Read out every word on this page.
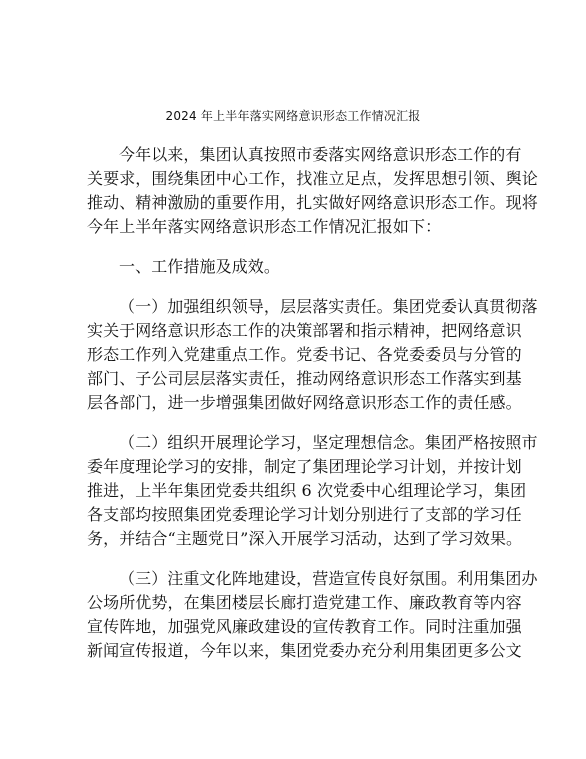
2024 年上半年落实网络意识形态工作情况汇报
今年以来，集团认真按照市委落实网络意识形态工作的有
关要求，围绕集团中心工作，找准立足点，发挥思想引领、舆论
推动、精神激励的重要作用，扎实做好网络意识形态工作。现将
今年上半年落实网络意识形态工作情况汇报如下：
一、工作措施及成效。
（一）加强组织领导，层层落实责任。集团党委认真贯彻落
实关于网络意识形态工作的决策部署和指示精神，把网络意识
形态工作列入党建重点工作。党委书记、各党委委员与分管的
部门、子公司层层落实责任，推动网络意识形态工作落实到基
层各部门，进一步增强集团做好网络意识形态工作的责任感。
（二）组织开展理论学习，坚定理想信念。集团严格按照市
委年度理论学习的安排，制定了集团理论学习计划，并按计划
推进，上半年集团党委共组织 6 次党委中心组理论学习，集团
各支部均按照集团党委理论学习计划分别进行了支部的学习任
务，并结合“主题党日”深入开展学习活动，达到了学习效果。
（三）注重文化阵地建设，营造宣传良好氛围。利用集团办
公场所优势，在集团楼层长廊打造党建工作、廉政教育等内容
宣传阵地，加强党风廉政建设的宣传教育工作。同时注重加强
新闻宣传报道，今年以来，集团党委办充分利用集团更多公文
